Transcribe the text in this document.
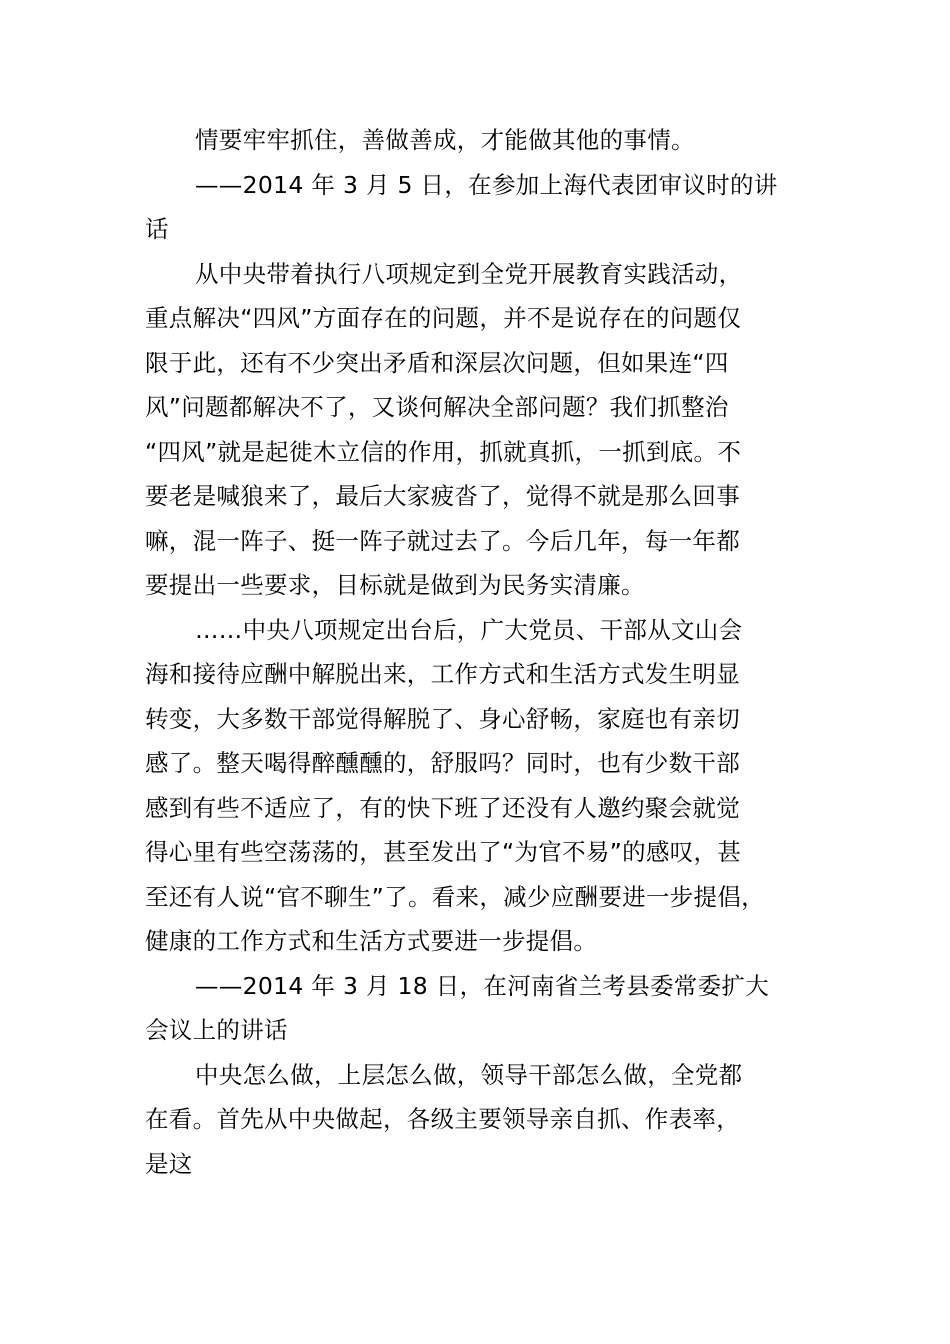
情要牢牢抓住，善做善成，才能做其他的事情。
——2014 年 3 月 5 日，在参加上海代表团审议时的讲
话
从中央带着执行八项规定到全党开展教育实践活动，
重点解决“四风”方面存在的问题，并不是说存在的问题仅
限于此，还有不少突出矛盾和深层次问题，但如果连“四
风”问题都解决不了，又谈何解决全部问题？我们抓整治
“四风”就是起徙木立信的作用，抓就真抓，一抓到底。不
要老是喊狼来了，最后大家疲沓了，觉得不就是那么回事
嘛，混一阵子、挺一阵子就过去了。今后几年，每一年都
要提出一些要求，目标就是做到为民务实清廉。
……中央八项规定出台后，广大党员、干部从文山会
海和接待应酬中解脱出来，工作方式和生活方式发生明显
转变，大多数干部觉得解脱了、身心舒畅，家庭也有亲切
感了。整天喝得醉醺醺的，舒服吗？同时，也有少数干部
感到有些不适应了，有的快下班了还没有人邀约聚会就觉
得心里有些空荡荡的，甚至发出了“为官不易”的感叹，甚
至还有人说“官不聊生”了。看来，减少应酬要进一步提倡，
健康的工作方式和生活方式要进一步提倡。
——2014 年 3 月 18 日，在河南省兰考县委常委扩大
会议上的讲话
中央怎么做，上层怎么做，领导干部怎么做，全党都
在看。首先从中央做起，各级主要领导亲自抓、作表率，
是这
